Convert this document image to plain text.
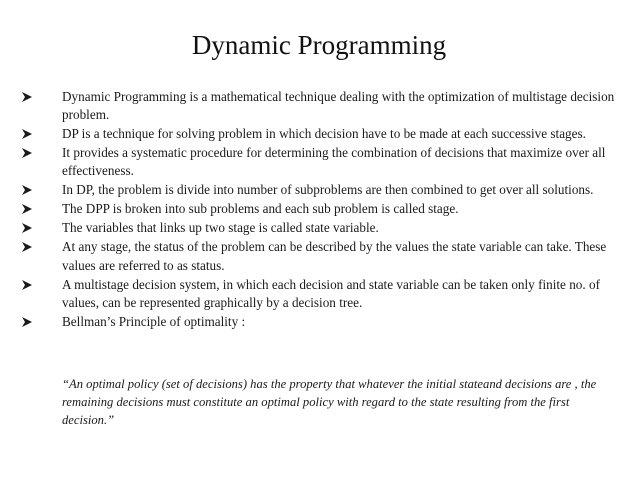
Dynamic Programming
Dynamic Programming is a mathematical technique dealing with the optimization of multistage decision problem.
DP is a technique for solving problem in which decision have to be made at each successive stages.
It provides a systematic procedure for determining the combination of decisions that maximize over all effectiveness.
In DP, the problem is divide into number of subproblems are then combined to get over all solutions.
The DPP is broken into sub problems and each sub problem is called stage.
The variables that links up two stage is called state variable.
At any stage, the status of the problem can be described by the values the state variable can take. These values are referred to as status.
A multistage decision system, in which each decision and state variable can be taken only finite no. of values, can be represented graphically by a decision tree.
Bellman’s Principle of optimality :

“An optimal policy (set of decisions) has the property that whatever the initial stateand decisions are , the remaining decisions must constitute an optimal policy with regard to the state resulting from the first decision.”
